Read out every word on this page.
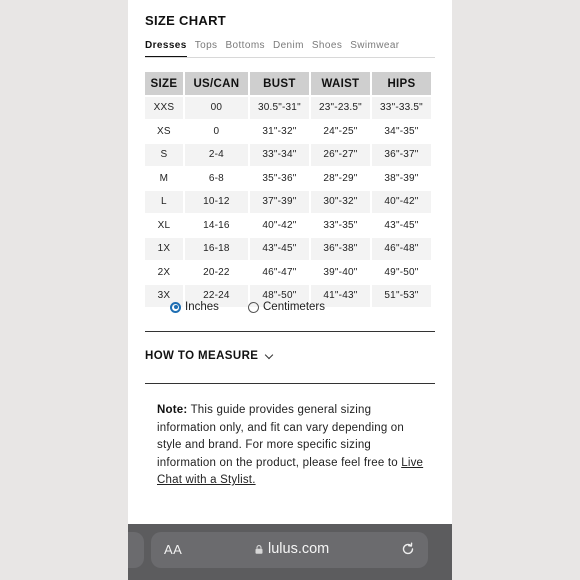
SIZE CHART
Dresses Tops Bottoms Denim Shoes Swimwear
SIZE	US/CAN	BUST	WAIST	HIPS
XXS	00	30.5"-31"	23"-23.5"	33"-33.5"
XS	0	31"-32"	24"-25"	34"-35"
S	2-4	33"-34"	26"-27"	36"-37"
M	6-8	35"-36"	28"-29"	38"-39"
L	10-12	37"-39"	30"-32"	40"-42"
XL	14-16	40"-42"	33"-35"	43"-45"
1X	16-18	43"-45"	36"-38"	46"-48"
2X	20-22	46"-47"	39"-40"	49"-50"
3X	22-24	48"-50"	41"-43"	51"-53"
Inches	Centimeters
HOW TO MEASURE
Note: This guide provides general sizing information only, and fit can vary depending on style and brand. For more specific sizing information on the product, please feel free to Live Chat with a Stylist.
AA	lulus.com
